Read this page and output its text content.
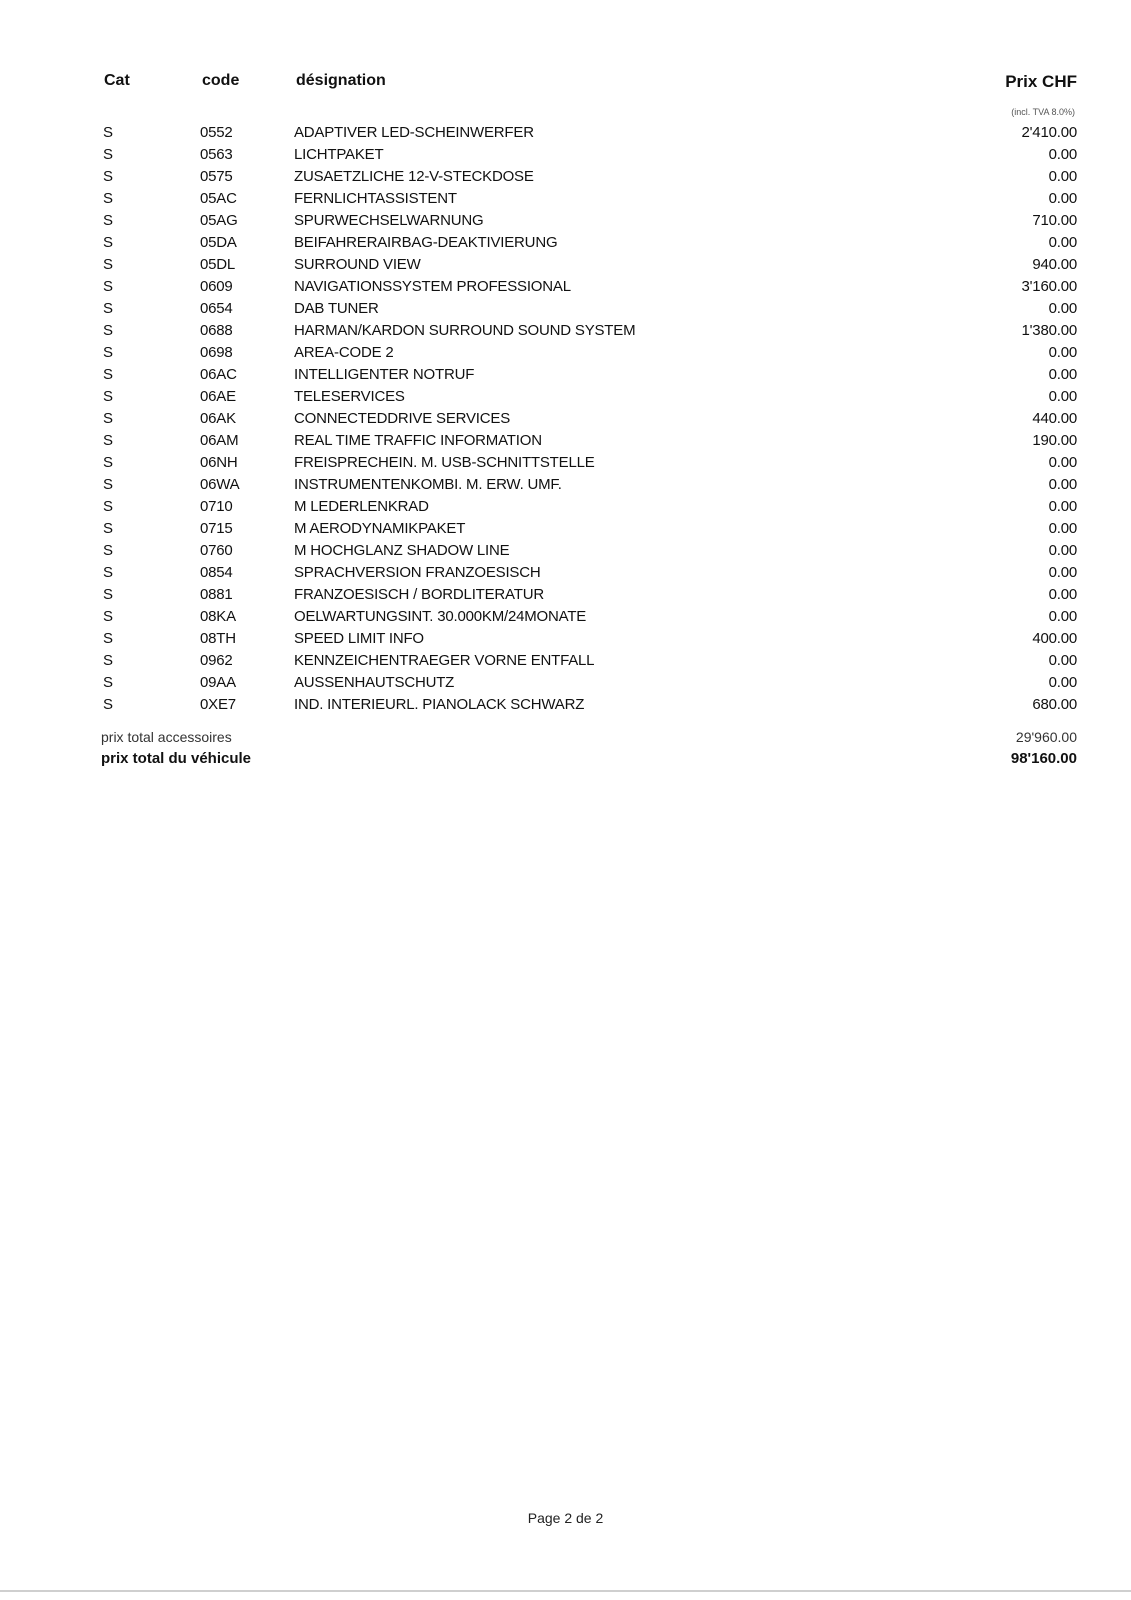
Cat	code	désignation	Prix CHF
(incl. TVA 8.0%)
S	0552	ADAPTIVER LED-SCHEINWERFER	2'410.00
S	0563	LICHTPAKET	0.00
S	0575	ZUSAETZLICHE 12-V-STECKDOSE	0.00
S	05AC	FERNLICHTASSISTENT	0.00
S	05AG	SPURWECHSELWARNUNG	710.00
S	05DA	BEIFAHRERAIRBAG-DEAKTIVIERUNG	0.00
S	05DL	SURROUND VIEW	940.00
S	0609	NAVIGATIONSSYSTEM PROFESSIONAL	3'160.00
S	0654	DAB TUNER	0.00
S	0688	HARMAN/KARDON SURROUND SOUND SYSTEM	1'380.00
S	0698	AREA-CODE 2	0.00
S	06AC	INTELLIGENTER NOTRUF	0.00
S	06AE	TELESERVICES	0.00
S	06AK	CONNECTEDDRIVE SERVICES	440.00
S	06AM	REAL TIME TRAFFIC INFORMATION	190.00
S	06NH	FREISPRECHEIN. M. USB-SCHNITTSTELLE	0.00
S	06WA	INSTRUMENTENKOMBI. M. ERW. UMF.	0.00
S	0710	M LEDERLENKRAD	0.00
S	0715	M AERODYNAMIKPAKET	0.00
S	0760	M HOCHGLANZ SHADOW LINE	0.00
S	0854	SPRACHVERSION FRANZOESISCH	0.00
S	0881	FRANZOESISCH / BORDLITERATUR	0.00
S	08KA	OELWARTUNGSINT. 30.000KM/24MONATE	0.00
S	08TH	SPEED LIMIT INFO	400.00
S	0962	KENNZEICHENTRAEGER VORNE ENTFALL	0.00
S	09AA	AUSSENHAUTSCHUTZ	0.00
S	0XE7	IND. INTERIEURL. PIANOLACK SCHWARZ	680.00
prix total accessoires	29'960.00
prix total du véhicule	98'160.00
Page 2 de 2
